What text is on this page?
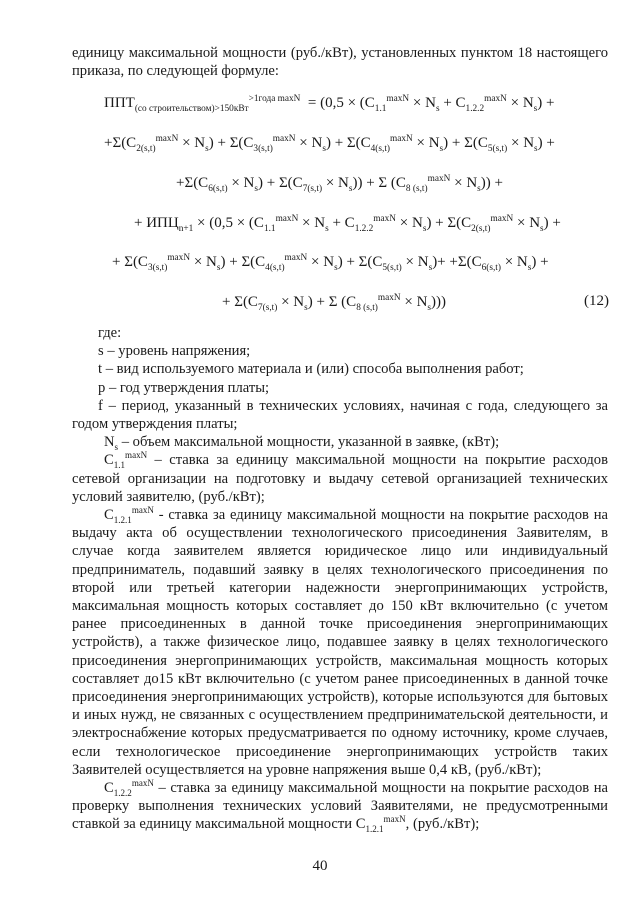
единицу максимальной мощности (руб./кВт), установленных пунктом 18 настоящего приказа, по следующей формуле:
$ППТ_{(со строительством)>150кВт}^{>1года maxN} = (0,5 \times (C_{1.1}^{maxN} \times N_s + C_{1.2.2}^{maxN} \times N_s)$ +
$+\Sigma(C_{2(s,t)}^{maxN} \times N_s) + \Sigma(C_{3(s,t)}^{maxN} \times N_s) + \Sigma(C_{4(s,t)}^{maxN} \times N_s) + \Sigma(C_{5(s,t)} \times N_s)$ +
$+\Sigma(C_{6(s,t)} \times N_s) + \Sigma(C_{7(s,t)} \times N_s)) + \Sigma$ $(C_{8 (s,t)}^{maxN} \times N_s)$) +
+ $ИПЦ_{n+1} \times (0,5 \times (C_{1.1}^{maxN} \times N_s + C_{1.2.2}^{maxN} \times N_s) + \Sigma(C_{2(s,t)}^{maxN} \times N_s)$ +
+ $\Sigma(C_{3(s,t)}^{maxN} \times N_s) + \Sigma(C_{4(s,t)}^{maxN} \times N_s) + \Sigma(C_{5(s,t)} \times N_s)+ +\Sigma(C_{6(s,t)} \times N_s)$ +
+ $\Sigma(C_{7(s,t)} \times N_s) + \Sigma$ $(C_{8 (s,t)}^{maxN} \times N_s)$))	(12)

где:

s – уровень напряжения;

t – вид используемого материала и (или) способа выполнения работ;

p – год утверждения платы;

f – период, указанный в технических условиях, начиная с года, следующего за годом утверждения платы;

$N_s$ – объем максимальной мощности, указанной в заявке, (кВт);

$C_{1.1}^{maxN}$ – ставка за единицу максимальной мощности на покрытие расходов сетевой организации на подготовку и выдачу сетевой организацией технических условий заявителю, (руб./кВт);

$C_{1.2.1}^{maxN}$ - ставка за единицу максимальной мощности на покрытие расходов на выдачу акта об осуществлении технологического присоединения Заявителям, в случае когда заявителем является юридическое лицо или индивидуальный предприниматель, подавший заявку в целях технологического присоединения по второй или третьей категории надежности энергопринимающих устройств, максимальная мощность которых составляет до 150 кВт включительно (с учетом ранее присоединенных в данной точке присоединения энергопринимающих устройств), а также физическое лицо, подавшее заявку в целях технологического присоединения энергопринимающих устройств, максимальная мощность которых составляет до15 кВт включительно (с учетом ранее присоединенных в данной точке присоединения энергопринимающих устройств), которые используются для бытовых и иных нужд, не связанных с осуществлением предпринимательской деятельности, и электроснабжение которых предусматривается по одному источнику, кроме случаев, если технологическое присоединение энергопринимающих устройств таких Заявителей осуществляется на уровне напряжения выше 0,4 кВ, (руб./кВт);

$C_{1.2.2}^{maxN}$ – ставка за единицу максимальной мощности на покрытие расходов на проверку выполнения технических условий Заявителями, не предусмотренными ставкой за единицу максимальной мощности $C_{1.2.1}^{maxN}$, (руб./кВт);

40
